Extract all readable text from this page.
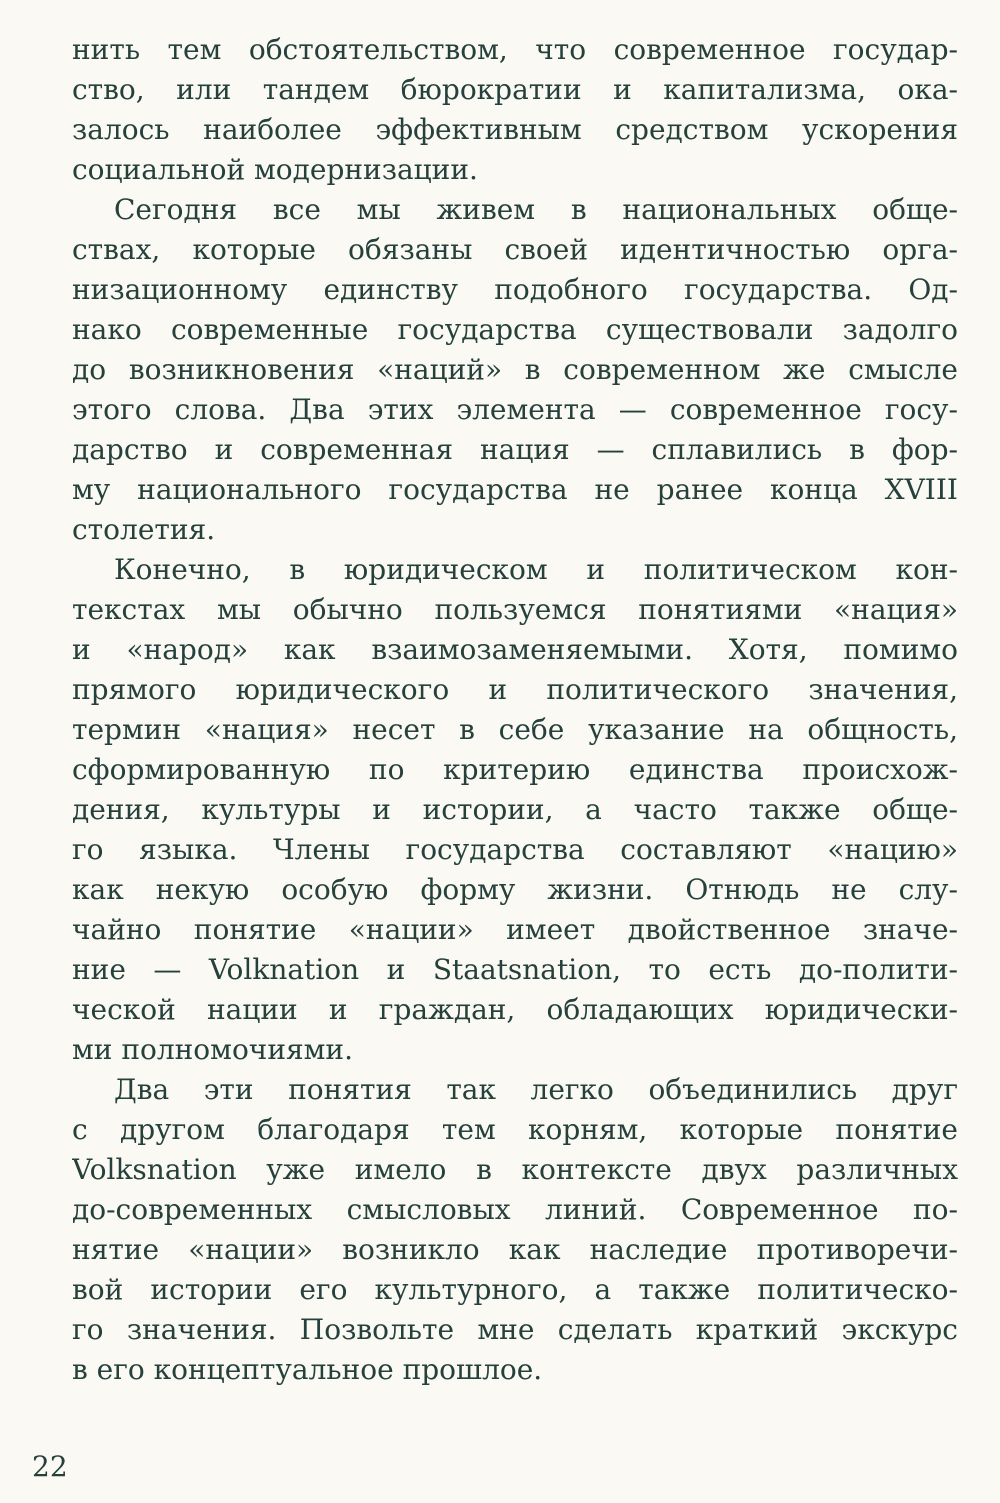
нить тем обстоятельством, что современное государ-
ство, или тандем бюрократии и капитализма, ока-
залось наиболее эффективным средством ускорения
социальной модернизации.
Сегодня все мы живем в национальных обще-
ствах, которые обязаны своей идентичностью орга-
низационному единству подобного государства. Од-
нако современные государства существовали задолго
до возникновения «наций» в современном же смысле
этого слова. Два этих элемента — современное госу-
дарство и современная нация — сплавились в фор-
му национального государства не ранее конца XVIII
столетия.
Конечно, в юридическом и политическом кон-
текстах мы обычно пользуемся понятиями «нация»
и «народ» как взаимозаменяемыми. Хотя, помимо
прямого юридического и политического значения,
термин «нация» несет в себе указание на общность,
сформированную по критерию единства происхож-
дения, культуры и истории, а часто также обще-
го языка. Члены государства составляют «нацию»
как некую особую форму жизни. Отнюдь не слу-
чайно понятие «нации» имеет двойственное значе-
ние — Volknation и Staatsnation, то есть до-полити-
ческой нации и граждан, обладающих юридически-
ми полномочиями.
Два эти понятия так легко объединились друг
с другом благодаря тем корням, которые понятие
Volksnation уже имело в контексте двух различных
до-современных смысловых линий. Современное по-
нятие «нации» возникло как наследие противоречи-
вой истории его культурного, а также политическо-
го значения. Позвольте мне сделать краткий экскурс
в его концептуальное прошлое.
22
